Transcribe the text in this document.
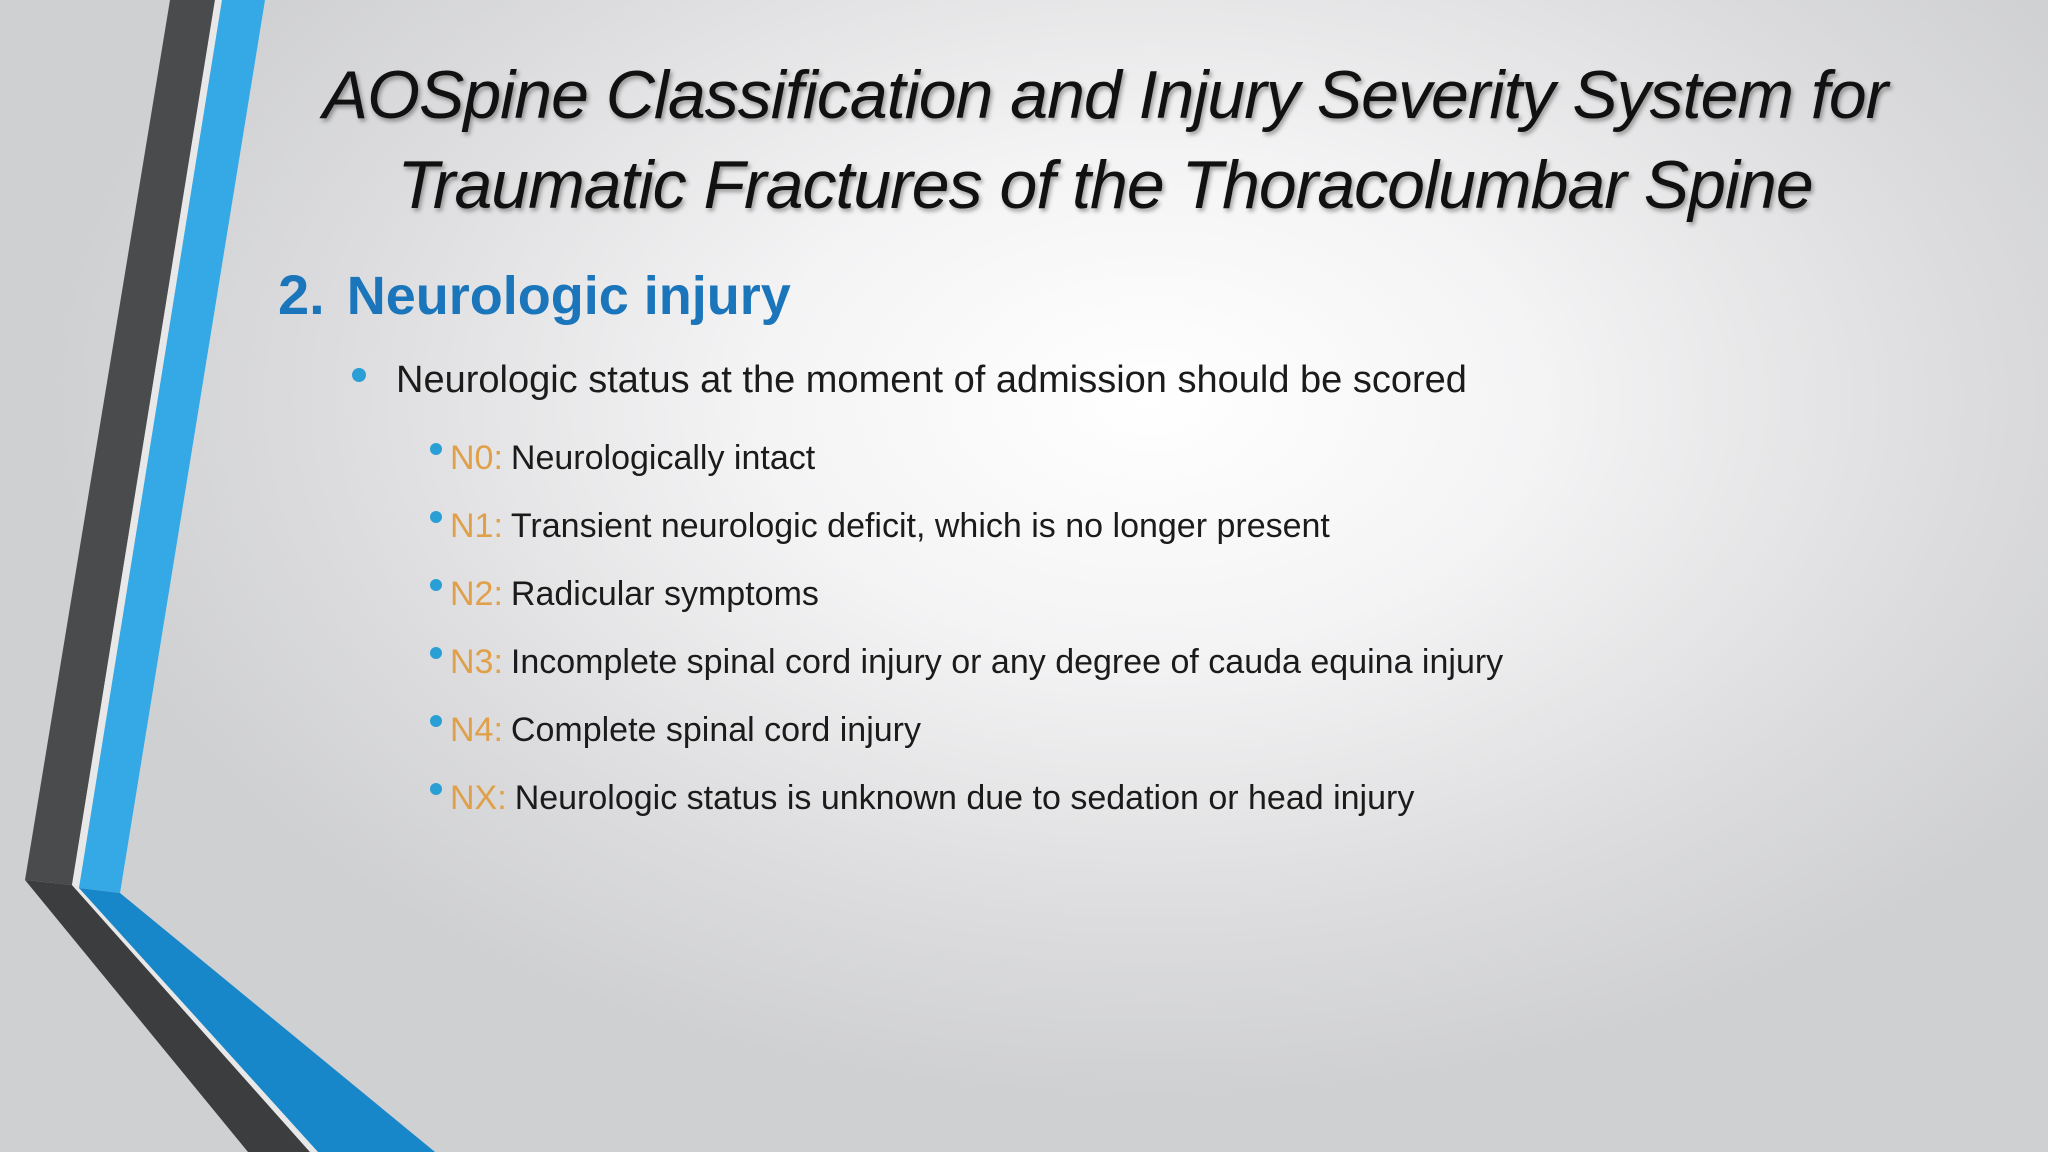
AOSpine Classification and Injury Severity System for
Traumatic Fractures of the Thoracolumbar Spine
2. Neurologic injury

Neurologic status at the moment of admission should be scored

N0: Neurologically intact
N1: Transient neurologic deficit, which is no longer present
N2: Radicular symptoms
N3: Incomplete spinal cord injury or any degree of cauda equina injury
N4: Complete spinal cord injury
NX: Neurologic status is unknown due to sedation or head injury
